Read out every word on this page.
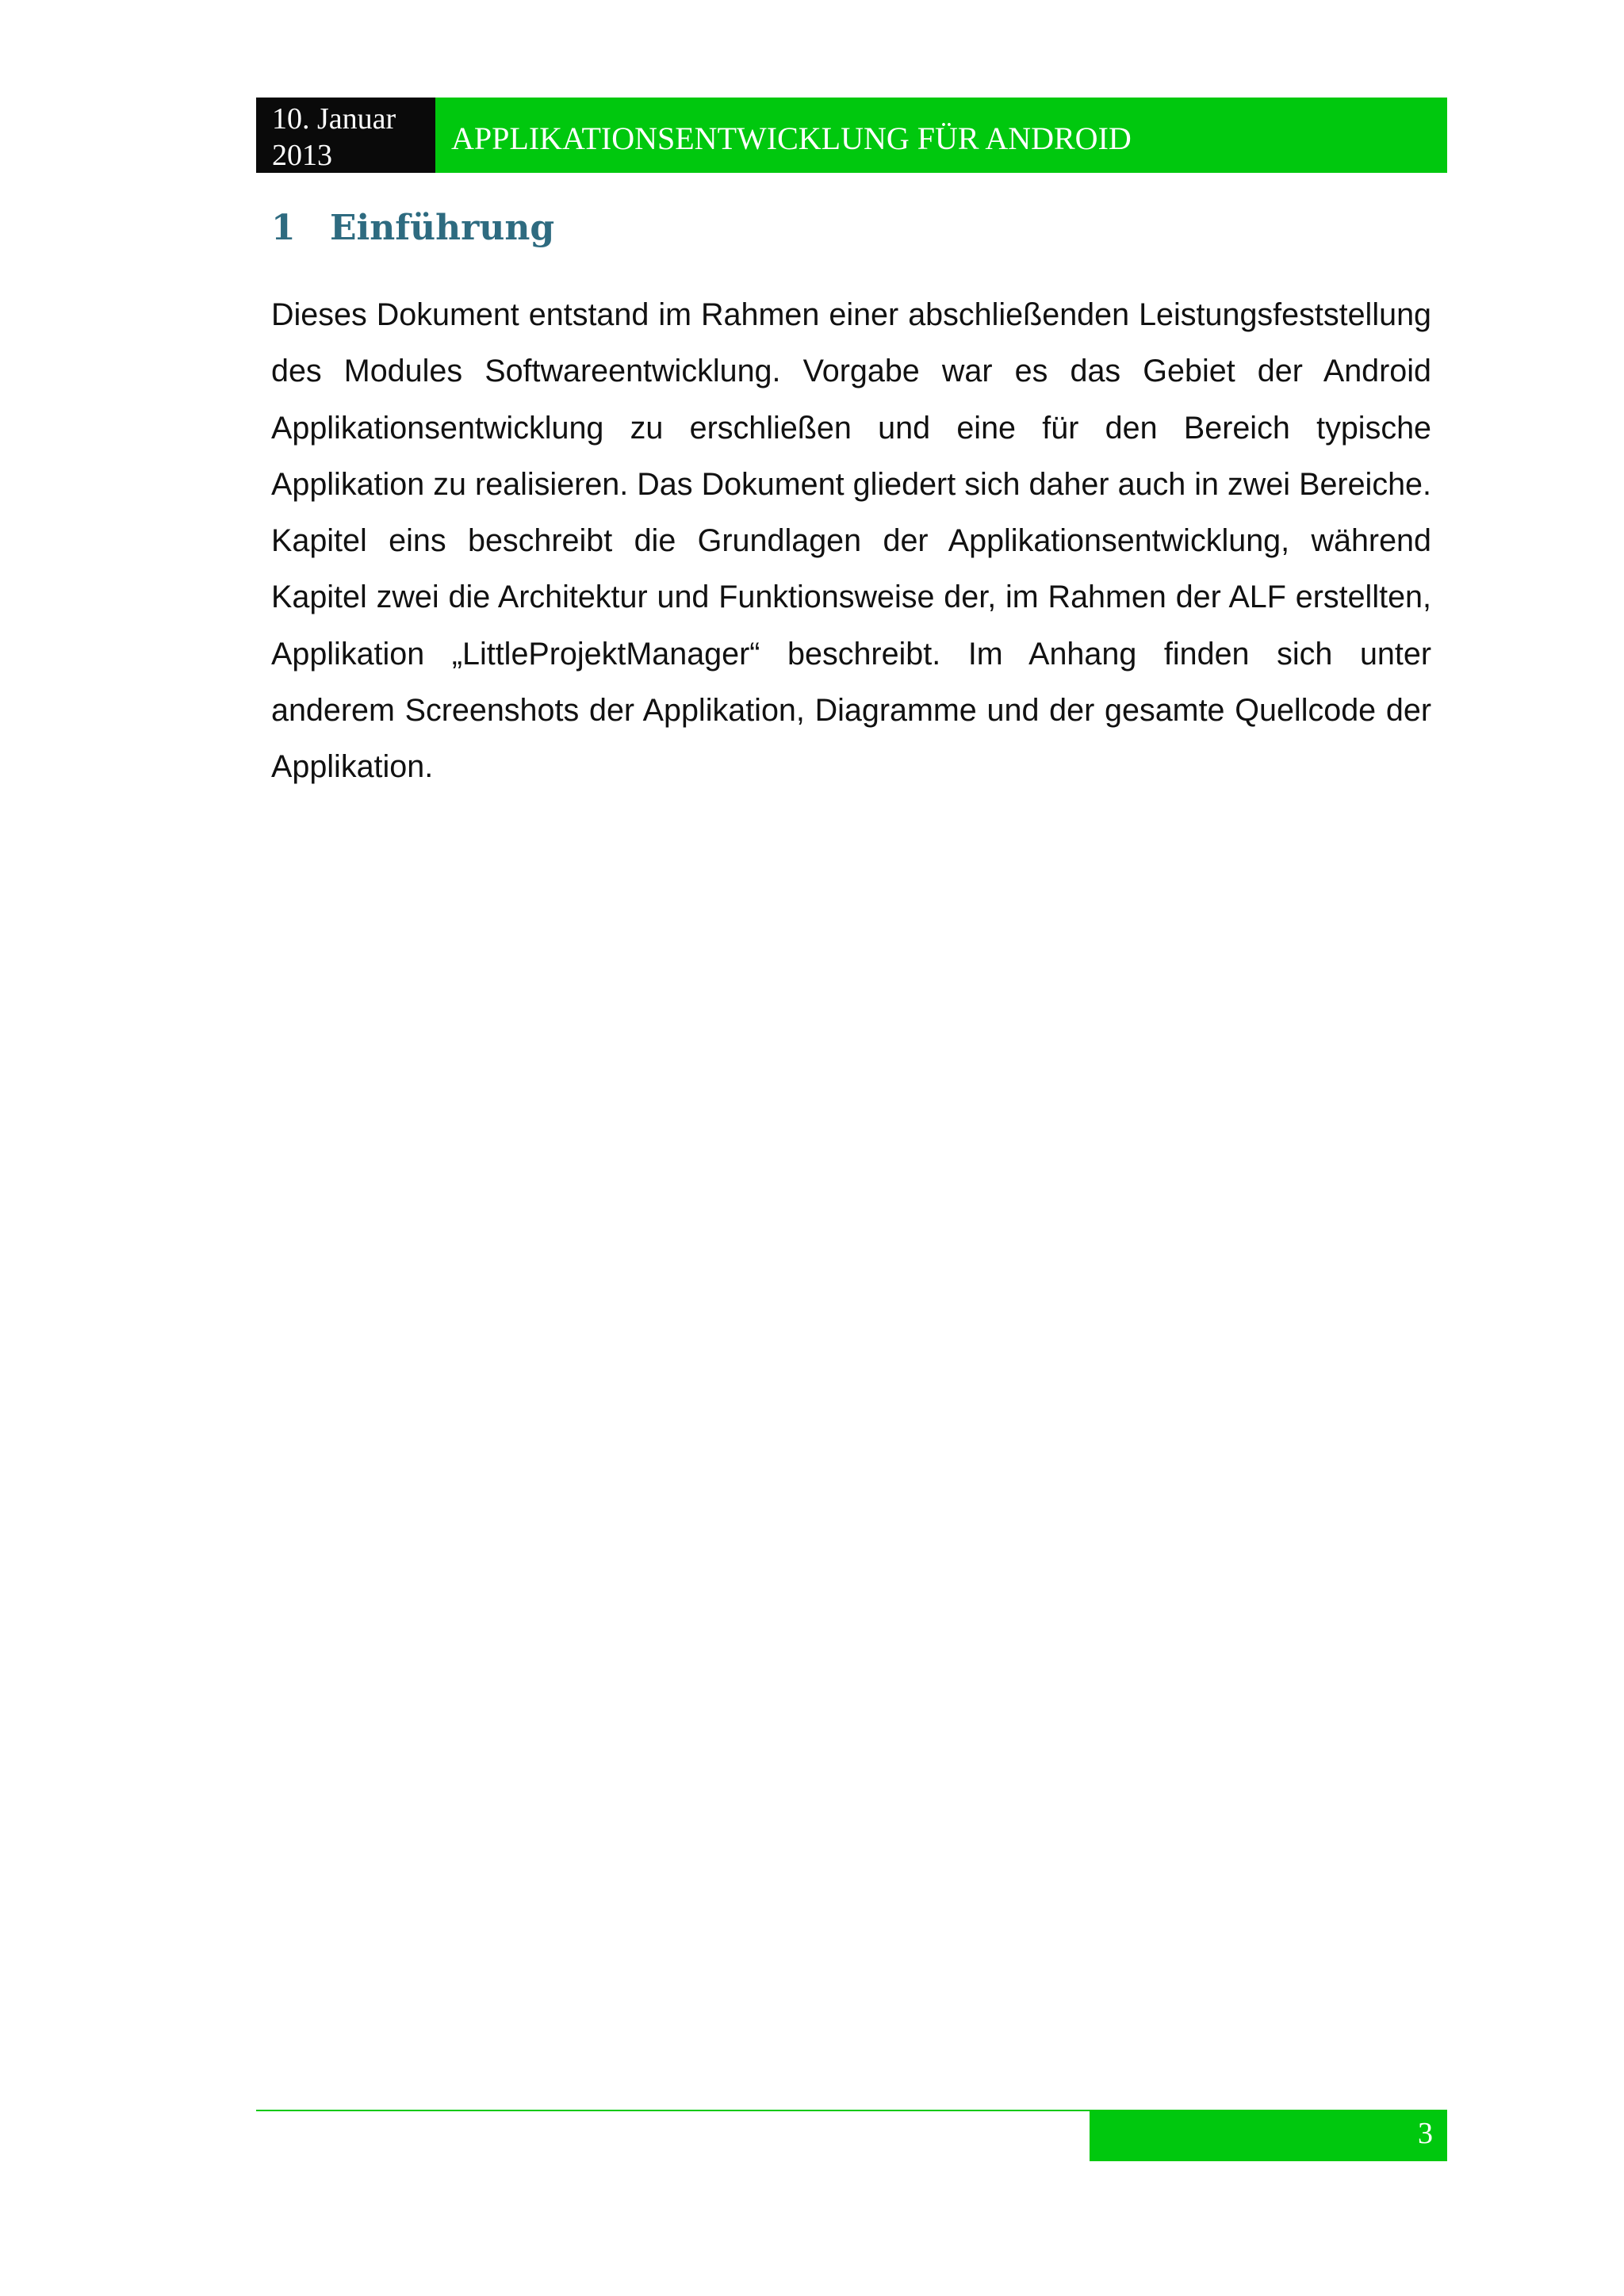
10. Januar
2013	APPLIKATIONSENTWICKLUNG FÜR ANDROID
1 Einführung

Dieses Dokument entstand im Rahmen einer abschließenden Leistungsfeststellung des Modules Softwareentwicklung. Vorgabe war es das Gebiet der Android Applikationsentwicklung zu erschließen und eine für den Bereich typische Applikation zu realisieren. Das Dokument gliedert sich daher auch in zwei Bereiche. Kapitel eins beschreibt die Grundlagen der Applikationsentwicklung, während Kapitel zwei die Architektur und Funktionsweise der, im Rahmen der ALF erstellten, Applikation „LittleProjektManager“ beschreibt. Im Anhang finden sich unter anderem Screenshots der Applikation, Diagramme und der gesamte Quellcode der Applikation.

3
